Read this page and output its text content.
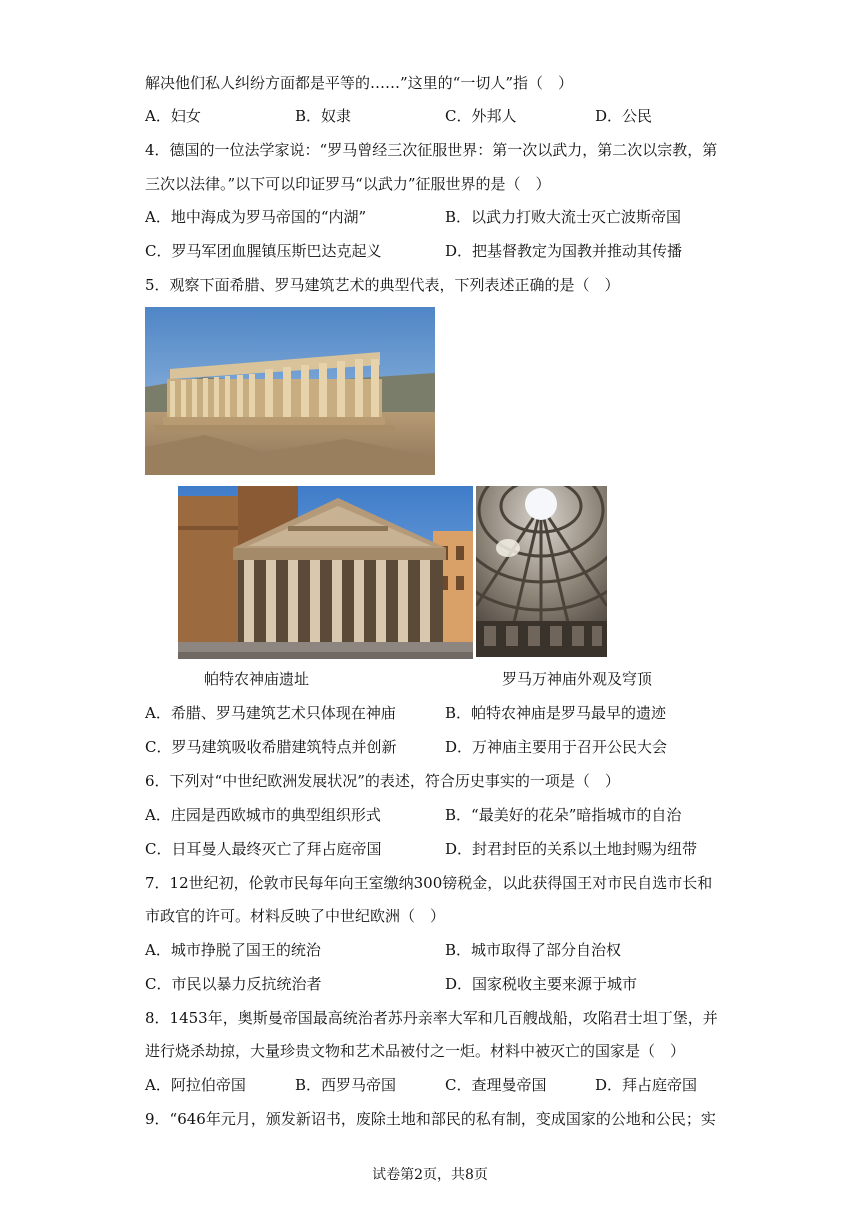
解决他们私人纠纷方面都是平等的……”这里的“一切人”指（　）
A．妇女	B．奴隶	C．外邦人	D．公民
4．德国的一位法学家说：“罗马曾经三次征服世界：第一次以武力，第二次以宗教，第
三次以法律。”以下可以印证罗马“以武力”征服世界的是（　）
A．地中海成为罗马帝国的“内湖”	B．以武力打败大流士灭亡波斯帝国
C．罗马军团血腥镇压斯巴达克起义	D．把基督教定为国教并推动其传播
5．观察下面希腊、罗马建筑艺术的典型代表，下列表述正确的是（　）
帕特农神庙遗址	罗马万神庙外观及穹顶
A．希腊、罗马建筑艺术只体现在神庙	B．帕特农神庙是罗马最早的遗迹
C．罗马建筑吸收希腊建筑特点并创新	D．万神庙主要用于召开公民大会
6．下列对“中世纪欧洲发展状况”的表述，符合历史事实的一项是（　）
A．庄园是西欧城市的典型组织形式	B．“最美好的花朵”暗指城市的自治
C．日耳曼人最终灭亡了拜占庭帝国	D．封君封臣的关系以土地封赐为纽带
7．12世纪初，伦敦市民每年向王室缴纳300镑税金，以此获得国王对市民自选市长和
市政官的许可。材料反映了中世纪欧洲（　）
A．城市挣脱了国王的统治	B．城市取得了部分自治权
C．市民以暴力反抗统治者	D．国家税收主要来源于城市
8．1453年，奥斯曼帝国最高统治者苏丹亲率大军和几百艘战船，攻陷君士坦丁堡，并
进行烧杀劫掠，大量珍贵文物和艺术品被付之一炬。材料中被灭亡的国家是（　）
A．阿拉伯帝国	B．西罗马帝国	C．查理曼帝国	D．拜占庭帝国
9．“646年元月，颁发新诏书，废除土地和部民的私有制，变成国家的公地和公民；实
试卷第2页，共8页
